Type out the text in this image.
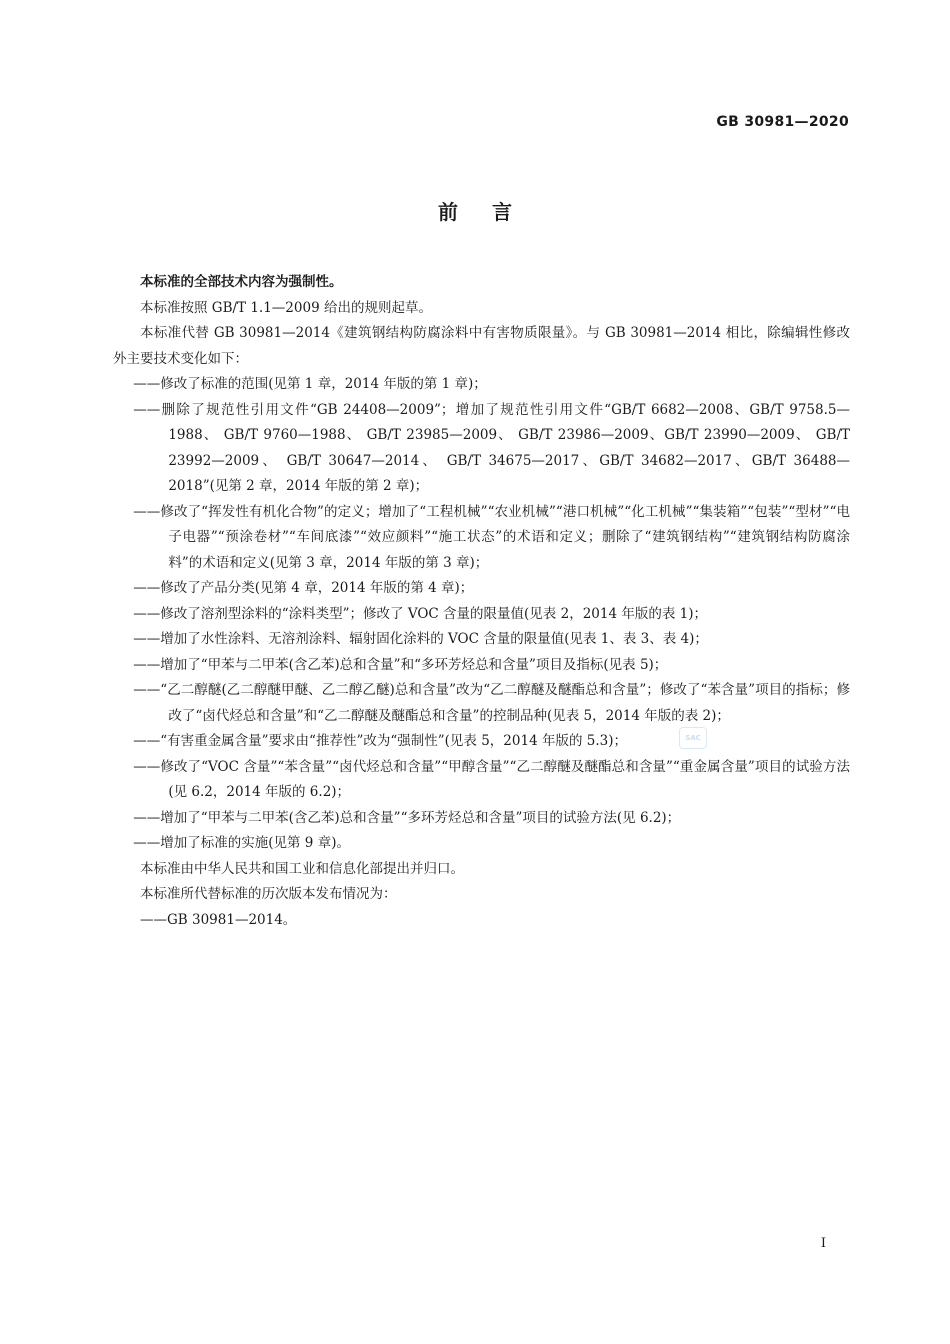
GB 30981—2020
前言

本标准的全部技术内容为强制性。

本标准按照 GB/T 1.1—2009 给出的规则起草。

本标准代替 GB 30981—2014《建筑钢结构防腐涂料中有害物质限量》。与 GB 30981—2014 相比，除编辑性修改外主要技术变化如下：

——修改了标准的范围(见第 1 章，2014 年版的第 1 章)；

——删除了规范性引用文件“GB 24408—2009”；增加了规范性引用文件“GB/T 6682—2008、GB/T 9758.5—1988、 GB/T 9760—1988、 GB/T 23985—2009、 GB/T 23986—2009、GB/T 23990—2009、 GB/T 23992—2009、 GB/T 30647—2014、 GB/T 34675—2017、GB/T 34682—2017、GB/T 36488—2018”(见第 2 章，2014 年版的第 2 章)；

——修改了“挥发性有机化合物”的定义；增加了“工程机械”“农业机械”“港口机械”“化工机械”“集装箱”“包装”“型材”“电子电器”“预涂卷材”“车间底漆”“效应颜料”“施工状态”的术语和定义；删除了“建筑钢结构”“建筑钢结构防腐涂料”的术语和定义(见第 3 章，2014 年版的第 3 章)；

——修改了产品分类(见第 4 章，2014 年版的第 4 章)；

——修改了溶剂型涂料的“涂料类型”；修改了 VOC 含量的限量值(见表 2，2014 年版的表 1)；

——增加了水性涂料、无溶剂涂料、辐射固化涂料的 VOC 含量的限量值(见表 1、表 3、表 4)；

——增加了“甲苯与二甲苯(含乙苯)总和含量”和“多环芳烃总和含量”项目及指标(见表 5)；

——“乙二醇醚(乙二醇醚甲醚、乙二醇乙醚)总和含量”改为“乙二醇醚及醚酯总和含量”；修改了“苯含量”项目的指标；修改了“卤代烃总和含量”和“乙二醇醚及醚酯总和含量”的控制品种(见表 5，2014 年版的表 2)；

——“有害重金属含量”要求由“推荐性”改为“强制性”(见表 5，2014 年版的 5.3)；

——修改了“VOC 含量”“苯含量”“卤代烃总和含量”“甲醇含量”“乙二醇醚及醚酯总和含量”“重金属含量”项目的试验方法(见 6.2，2014 年版的 6.2)；

——增加了“甲苯与二甲苯(含乙苯)总和含量”“多环芳烃总和含量”项目的试验方法(见 6.2)；

——增加了标准的实施(见第 9 章)。

本标准由中华人民共和国工业和信息化部提出并归口。

本标准所代替标准的历次版本发布情况为：

——GB 30981—2014。

SAC
I
